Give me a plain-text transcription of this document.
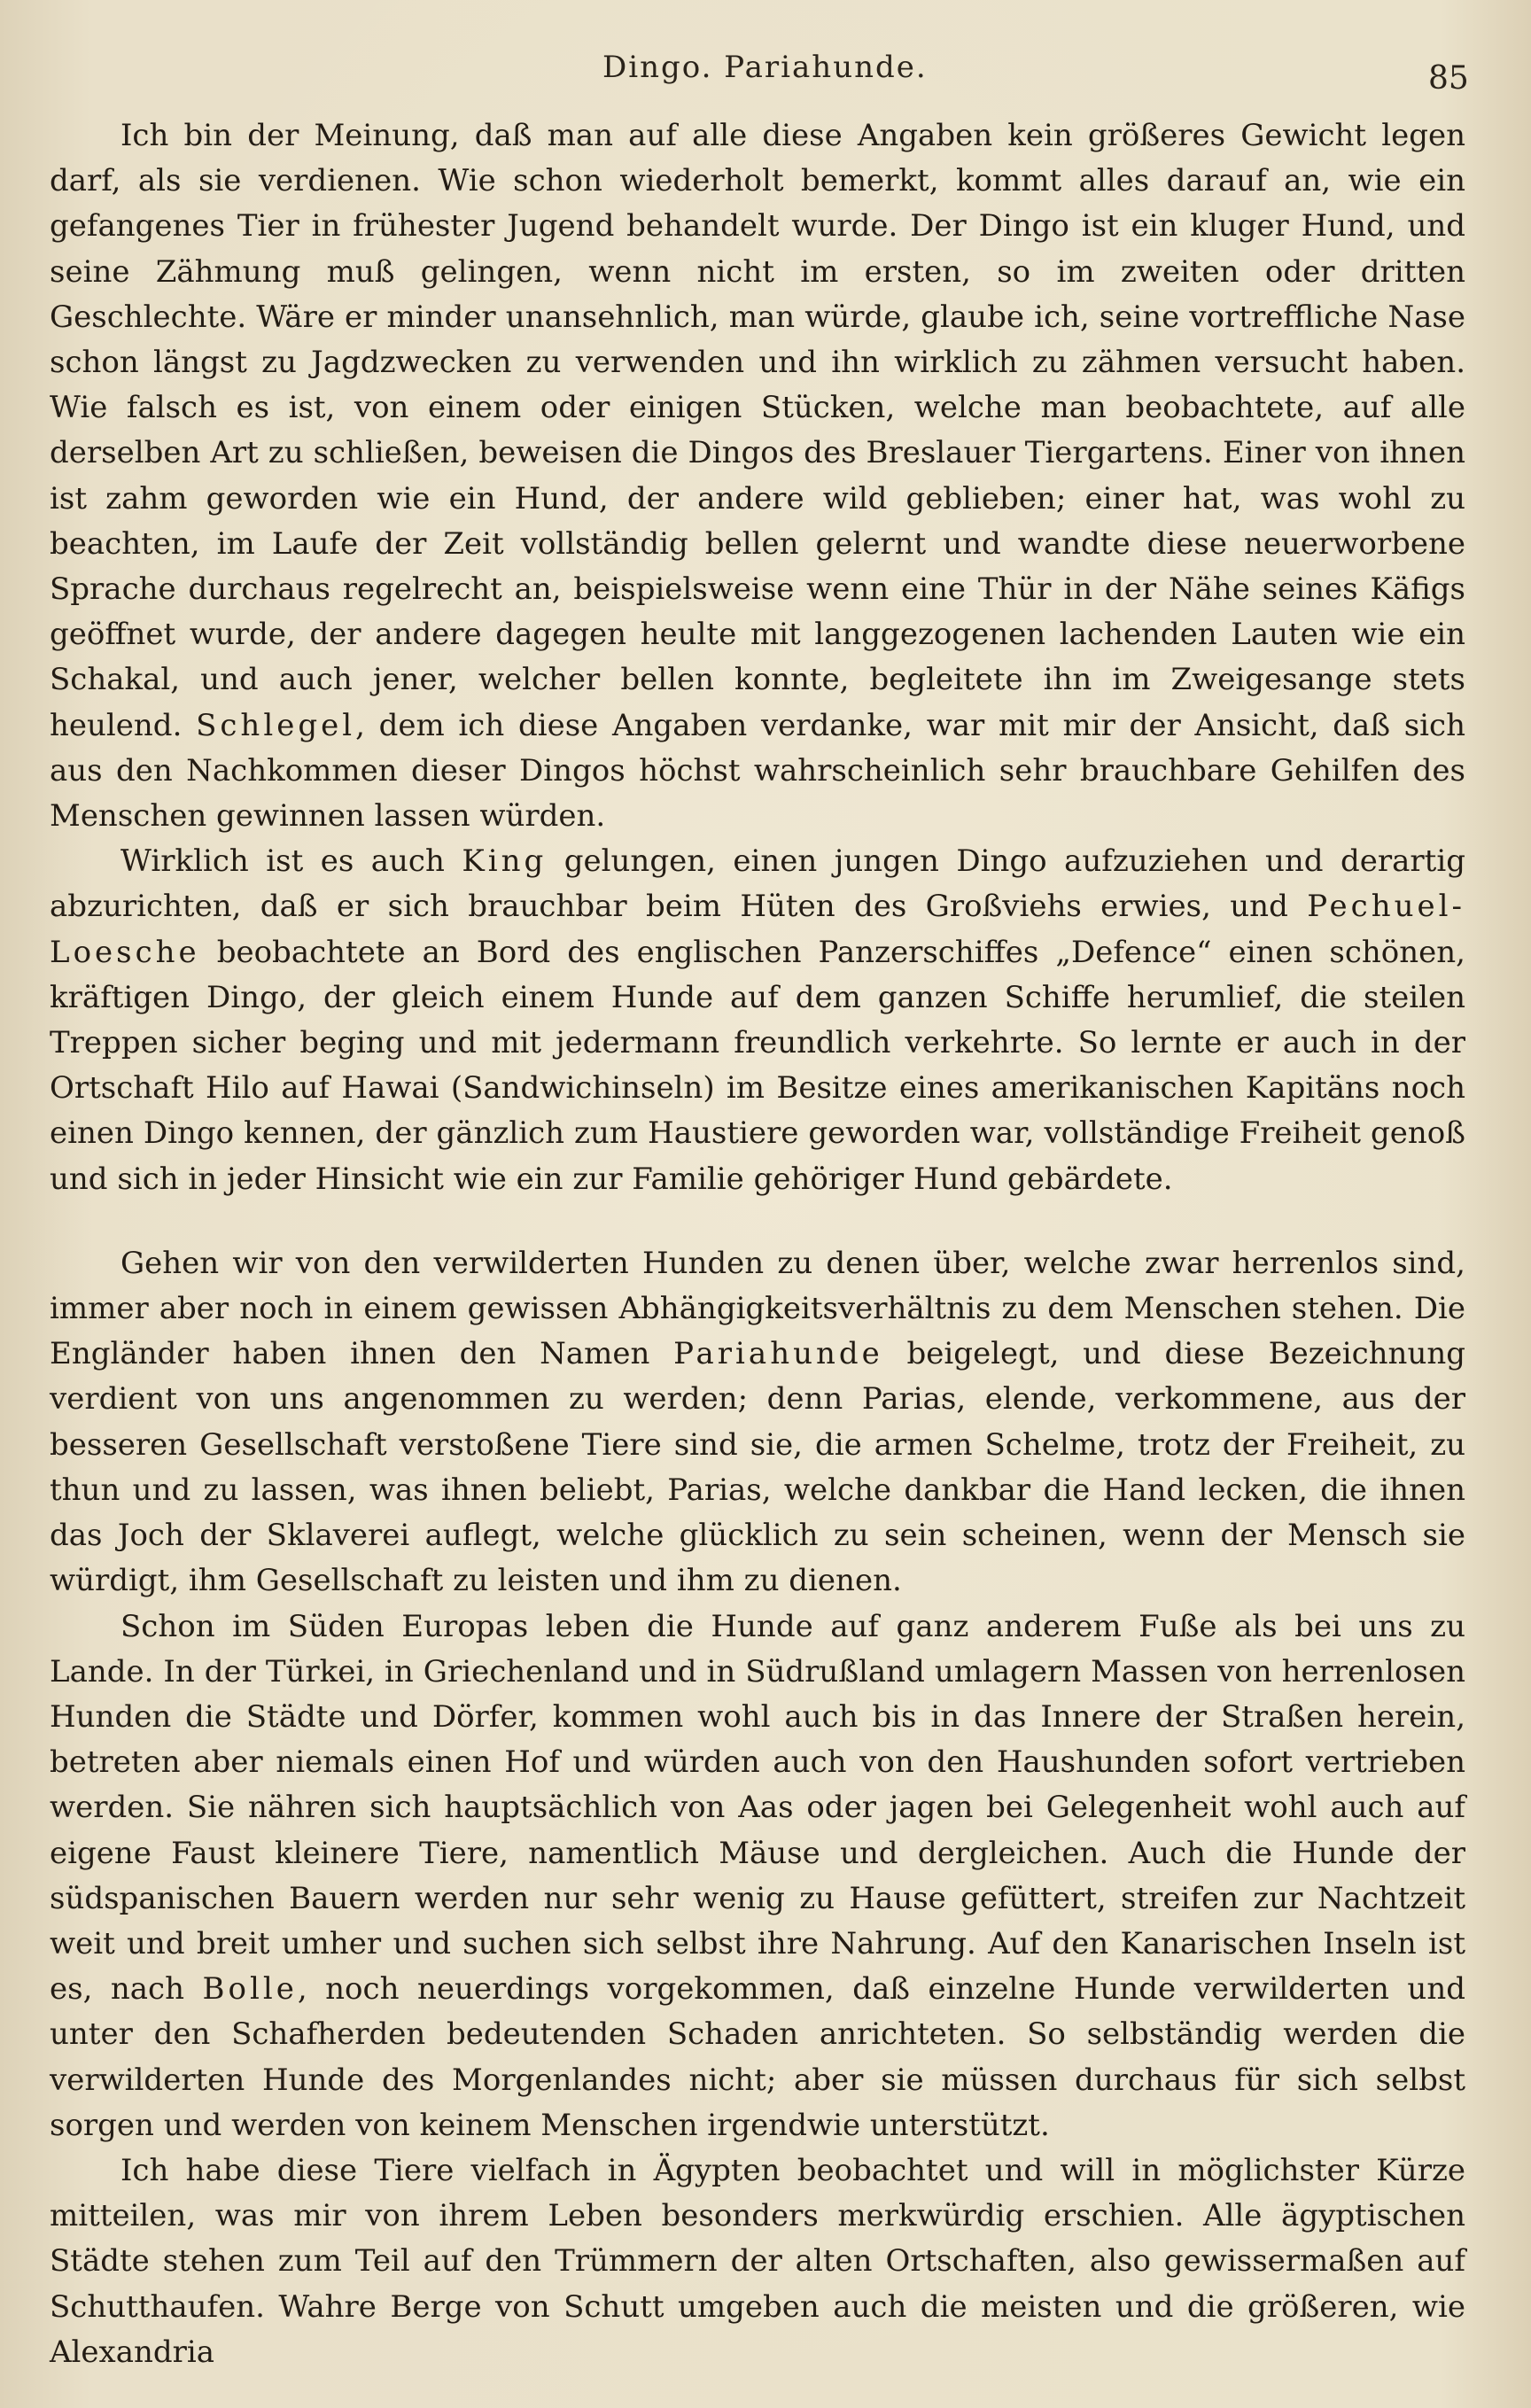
Dingo. Pariahunde.	85

Ich bin der Meinung, daß man auf alle diese Angaben kein größeres Gewicht legen darf, als sie verdienen. Wie schon wiederholt bemerkt, kommt alles darauf an, wie ein gefangenes Tier in frühester Jugend behandelt wurde. Der Dingo ist ein kluger Hund, und seine Zähmung muß gelingen, wenn nicht im ersten, so im zweiten oder dritten Geschlechte. Wäre er minder unansehnlich, man würde, glaube ich, seine vortreffliche Nase schon längst zu Jagdzwecken zu verwenden und ihn wirklich zu zähmen versucht haben. Wie falsch es ist, von einem oder einigen Stücken, welche man beobachtete, auf alle derselben Art zu schließen, beweisen die Dingos des Breslauer Tiergartens. Einer von ihnen ist zahm geworden wie ein Hund, der andere wild geblieben; einer hat, was wohl zu beachten, im Laufe der Zeit vollständig bellen gelernt und wandte diese neuerworbene Sprache durchaus regelrecht an, beispielsweise wenn eine Thür in der Nähe seines Käfigs geöffnet wurde, der andere dagegen heulte mit langgezogenen lachenden Lauten wie ein Schakal, und auch jener, welcher bellen konnte, begleitete ihn im Zweigesange stets heulend. Schlegel, dem ich diese Angaben verdanke, war mit mir der Ansicht, daß sich aus den Nachkommen dieser Dingos höchst wahrscheinlich sehr brauchbare Gehilfen des Menschen gewinnen lassen würden.

Wirklich ist es auch King gelungen, einen jungen Dingo aufzuziehen und derartig abzurichten, daß er sich brauchbar beim Hüten des Großviehs erwies, und Pechuel-Loesche beobachtete an Bord des englischen Panzerschiffes „Defence“ einen schönen, kräftigen Dingo, der gleich einem Hunde auf dem ganzen Schiffe herumlief, die steilen Treppen sicher beging und mit jedermann freundlich verkehrte. So lernte er auch in der Ortschaft Hilo auf Hawai (Sandwichinseln) im Besitze eines amerikanischen Kapitäns noch einen Dingo kennen, der gänzlich zum Haustiere geworden war, vollständige Freiheit genoß und sich in jeder Hinsicht wie ein zur Familie gehöriger Hund gebärdete.

Gehen wir von den verwilderten Hunden zu denen über, welche zwar herrenlos sind, immer aber noch in einem gewissen Abhängigkeitsverhältnis zu dem Menschen stehen. Die Engländer haben ihnen den Namen Pariahunde beigelegt, und diese Bezeichnung verdient von uns angenommen zu werden; denn Parias, elende, verkommene, aus der besseren Gesellschaft verstoßene Tiere sind sie, die armen Schelme, trotz der Freiheit, zu thun und zu lassen, was ihnen beliebt, Parias, welche dankbar die Hand lecken, die ihnen das Joch der Sklaverei auflegt, welche glücklich zu sein scheinen, wenn der Mensch sie würdigt, ihm Gesellschaft zu leisten und ihm zu dienen.

Schon im Süden Europas leben die Hunde auf ganz anderem Fuße als bei uns zu Lande. In der Türkei, in Griechenland und in Südrußland umlagern Massen von herrenlosen Hunden die Städte und Dörfer, kommen wohl auch bis in das Innere der Straßen herein, betreten aber niemals einen Hof und würden auch von den Haushunden sofort vertrieben werden. Sie nähren sich hauptsächlich von Aas oder jagen bei Gelegenheit wohl auch auf eigene Faust kleinere Tiere, namentlich Mäuse und dergleichen. Auch die Hunde der südspanischen Bauern werden nur sehr wenig zu Hause gefüttert, streifen zur Nachtzeit weit und breit umher und suchen sich selbst ihre Nahrung. Auf den Kanarischen Inseln ist es, nach Bolle, noch neuerdings vorgekommen, daß einzelne Hunde verwilderten und unter den Schafherden bedeutenden Schaden anrichteten. So selbständig werden die verwilderten Hunde des Morgenlandes nicht; aber sie müssen durchaus für sich selbst sorgen und werden von keinem Menschen irgendwie unterstützt.

Ich habe diese Tiere vielfach in Ägypten beobachtet und will in möglichster Kürze mitteilen, was mir von ihrem Leben besonders merkwürdig erschien. Alle ägyptischen Städte stehen zum Teil auf den Trümmern der alten Ortschaften, also gewissermaßen auf Schutthaufen. Wahre Berge von Schutt umgeben auch die meisten und die größeren, wie Alexandria
